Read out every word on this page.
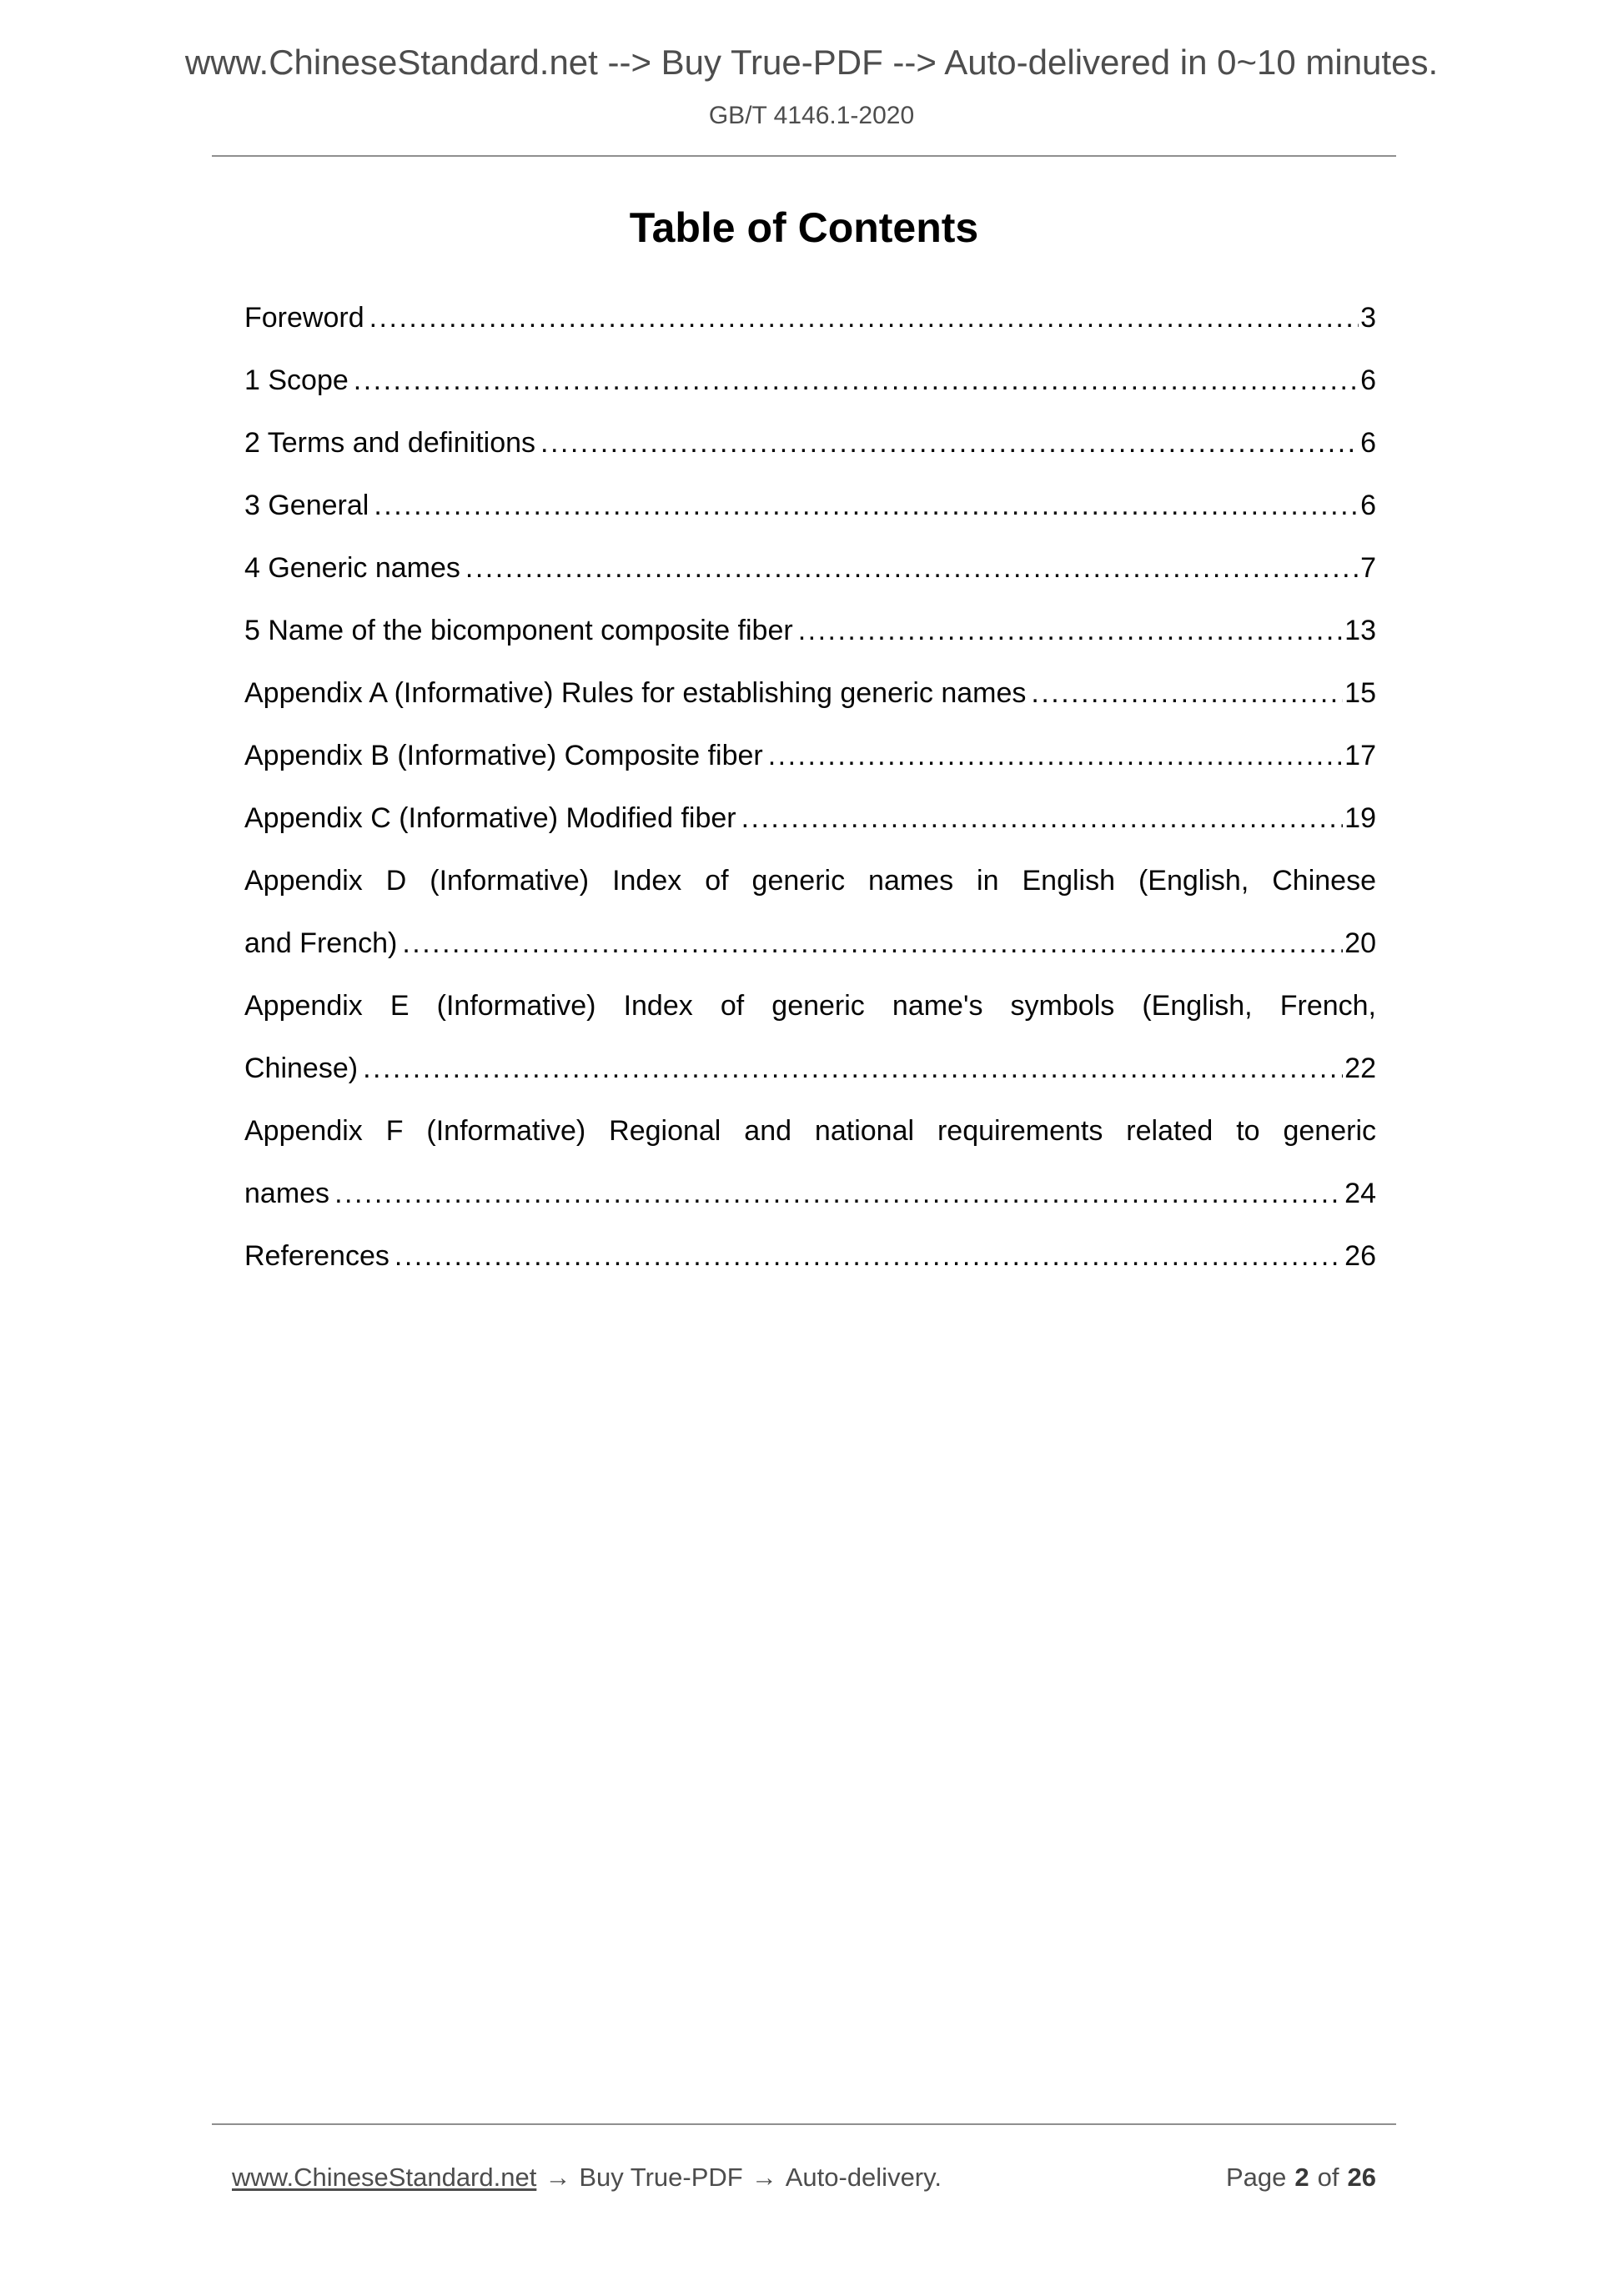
www.ChineseStandard.net --> Buy True-PDF --> Auto-delivered in 0~10 minutes.
GB/T 4146.1-2020
Table of Contents
Foreword .....	3
1 Scope .....	6
2 Terms and definitions .....	6
3 General .....	6
4 Generic names .....	7
5 Name of the bicomponent composite fiber .....	13
Appendix A (Informative) Rules for establishing generic names .....	15
Appendix B (Informative) Composite fiber .....	17
Appendix C (Informative) Modified fiber .....	19
Appendix D (Informative) Index of generic names in English (English, Chinese
and French) .....	20
Appendix E (Informative) Index of generic name's symbols (English, French,
Chinese) .....	22
Appendix F (Informative) Regional and national requirements related to generic
names .....	24
References .....	26
www.ChineseStandard.net → Buy True-PDF → Auto-delivery.	Page 2 of 26
